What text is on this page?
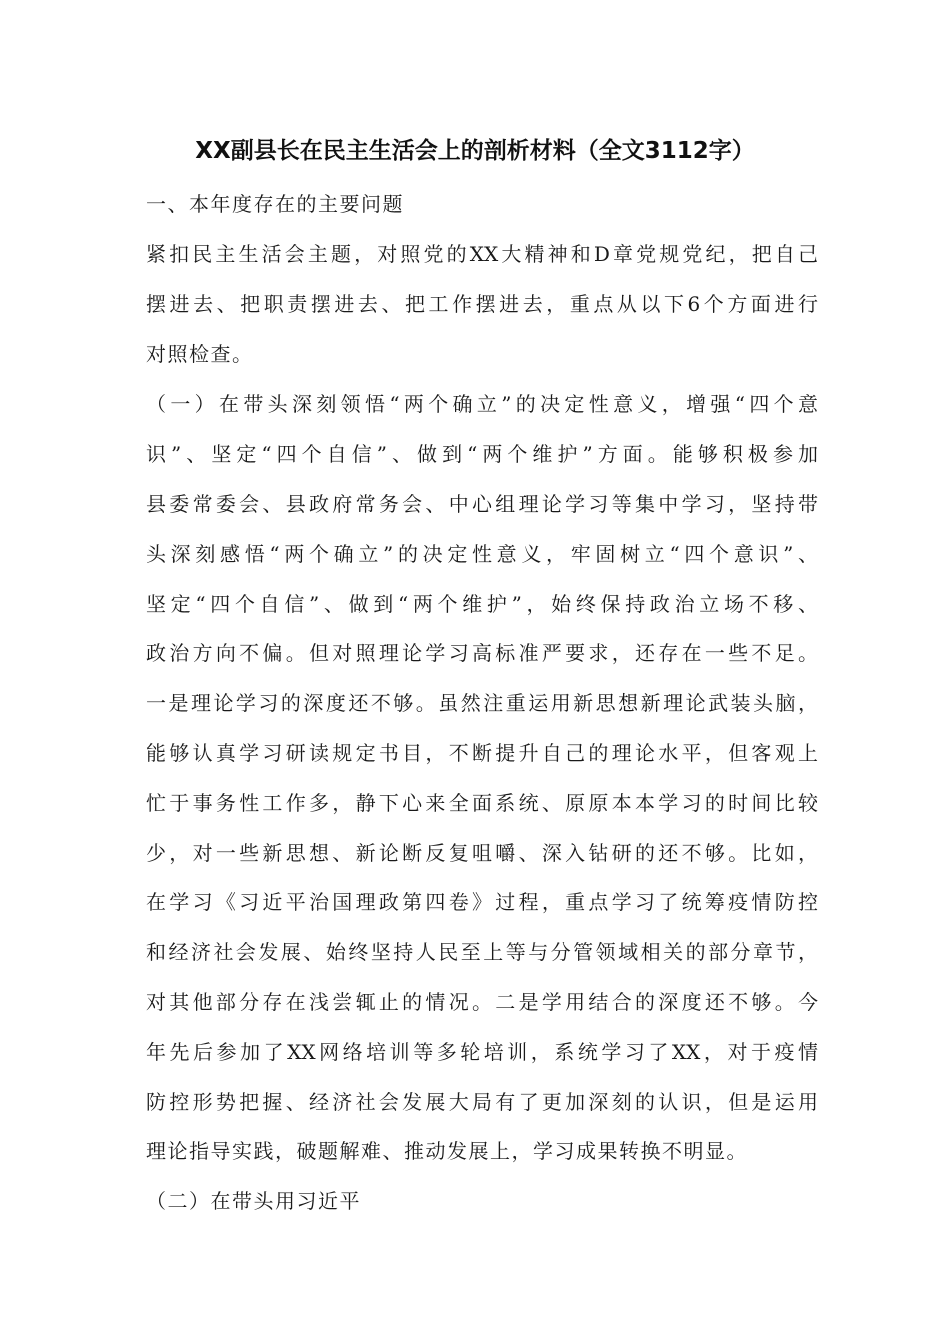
XX副县长在民主生活会上的剖析材料（全文3112字）
一、本年度存在的主要问题
紧扣民主生活会主题，对照党的XX大精神和D章党规党纪，把自己
摆进去、把职责摆进去、把工作摆进去，重点从以下6个方面进行
对照检查。
（一）在带头深刻领悟“两个确立”的决定性意义，增强“四个意
识”、坚定“四个自信”、做到“两个维护”方面。能够积极参加
县委常委会、县政府常务会、中心组理论学习等集中学习，坚持带
头深刻感悟“两个确立”的决定性意义，牢固树立“四个意识”、
坚定“四个自信”、做到“两个维护”，始终保持政治立场不移、
政治方向不偏。但对照理论学习高标准严要求，还存在一些不足。
一是理论学习的深度还不够。虽然注重运用新思想新理论武装头脑，
能够认真学习研读规定书目，不断提升自己的理论水平，但客观上
忙于事务性工作多，静下心来全面系统、原原本本学习的时间比较
少，对一些新思想、新论断反复咀嚼、深入钻研的还不够。比如，
在学习《习近平治国理政第四卷》过程，重点学习了统筹疫情防控
和经济社会发展、始终坚持人民至上等与分管领域相关的部分章节，
对其他部分存在浅尝辄止的情况。二是学用结合的深度还不够。今
年先后参加了XX网络培训等多轮培训，系统学习了XX，对于疫情
防控形势把握、经济社会发展大局有了更加深刻的认识，但是运用
理论指导实践，破题解难、推动发展上，学习成果转换不明显。
（二）在带头用习近平
